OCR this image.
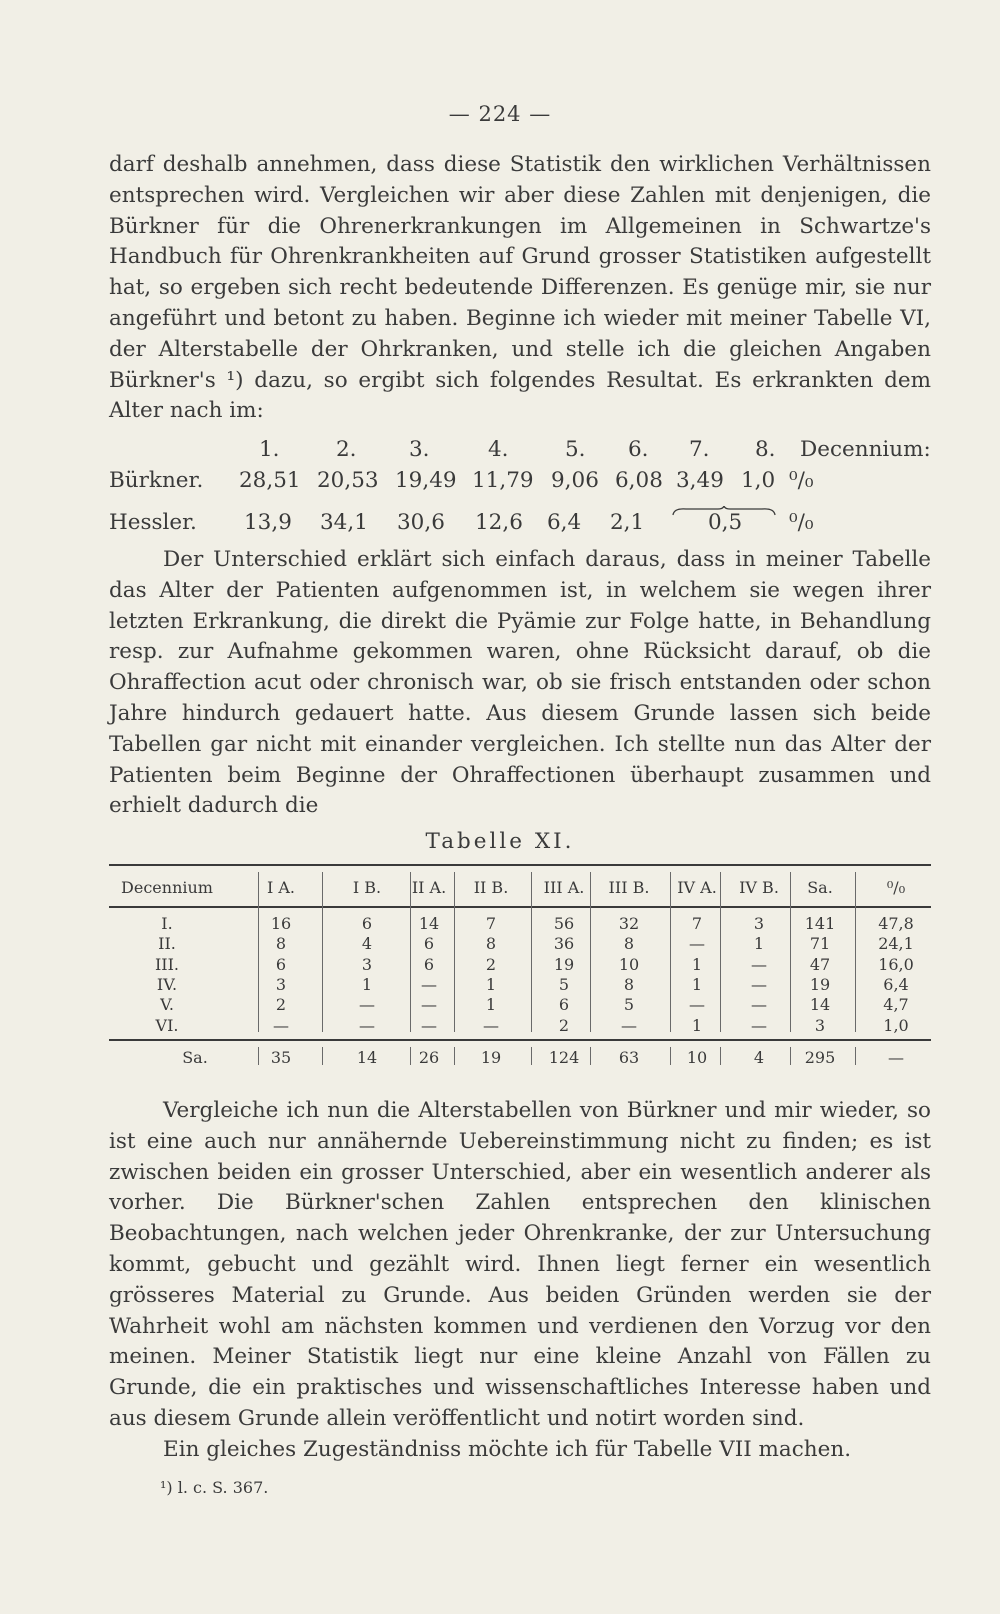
— 224 —
darf deshalb annehmen, dass diese Statistik den wirklichen Verhältnissen entsprechen wird. Vergleichen wir aber diese Zahlen mit denjenigen, die Bürkner für die Ohrenerkrankungen im Allgemeinen in Schwartze's Handbuch für Ohrenkrankheiten auf Grund grosser Statistiken aufgestellt hat, so ergeben sich recht bedeutende Differenzen. Es genüge mir, sie nur angeführt und betont zu haben. Beginne ich wieder mit meiner Tabelle VI, der Alterstabelle der Ohrkranken, und stelle ich die gleichen Angaben Bürkner's ¹) dazu, so ergibt sich folgendes Resultat. Es erkrankten dem Alter nach im:
1.	2. 3.	4.	5. 6. 7. 8. Decennium:
Bürkner. 28,51 20,53 19,49 11,79 9,06 6,08 3,49 1,0 ⁰/₀
Hessler. 13,9 34,1 30,6 12,6 6,4 2,1	0,5 ⁰/₀
Der Unterschied erklärt sich einfach daraus, dass in meiner Tabelle das Alter der Patienten aufgenommen ist, in welchem sie wegen ihrer letzten Erkrankung, die direkt die Pyämie zur Folge hatte, in Behandlung resp. zur Aufnahme gekommen waren, ohne Rücksicht darauf, ob die Ohraffection acut oder chronisch war, ob sie frisch entstanden oder schon Jahre hindurch gedauert hatte. Aus diesem Grunde lassen sich beide Tabellen gar nicht mit einander vergleichen. Ich stellte nun das Alter der Patienten beim Beginne der Ohraffectionen überhaupt zusammen und erhielt dadurch die
Tabelle XI.
Decennium	I A.	I B.	II A.	II B.	III A.	III B.	IV A.	IV B.	Sa.	⁰/₀
I.	16	6	14	7	56	32	7	3	141	47,8
II.	8	4	6	8	36	8	—	1	71	24,1
III.	6	3	6	2	19	10	1	—	47	16,0
IV.	3	1	—	1	5	8	1	—	19	6,4
V.	2	—	—	1	6	5	—	—	14	4,7
VI.	—	—	—	—	2	—	1	—	3	1,0
Sa.	35	14	26	19	124	63	10	4	295	—
Vergleiche ich nun die Alterstabellen von Bürkner und mir wieder, so ist eine auch nur annähernde Uebereinstimmung nicht zu finden; es ist zwischen beiden ein grosser Unterschied, aber ein wesentlich anderer als vorher. Die Bürkner'schen Zahlen entsprechen den klinischen Beobachtungen, nach welchen jeder Ohrenkranke, der zur Untersuchung kommt, gebucht und gezählt wird. Ihnen liegt ferner ein wesentlich grösseres Material zu Grunde. Aus beiden Gründen werden sie der Wahrheit wohl am nächsten kommen und verdienen den Vorzug vor den meinen. Meiner Statistik liegt nur eine kleine Anzahl von Fällen zu Grunde, die ein praktisches und wissenschaftliches Interesse haben und aus diesem Grunde allein veröffentlicht und notirt worden sind.
Ein gleiches Zugeständniss möchte ich für Tabelle VII machen.
¹) l. c. S. 367.
